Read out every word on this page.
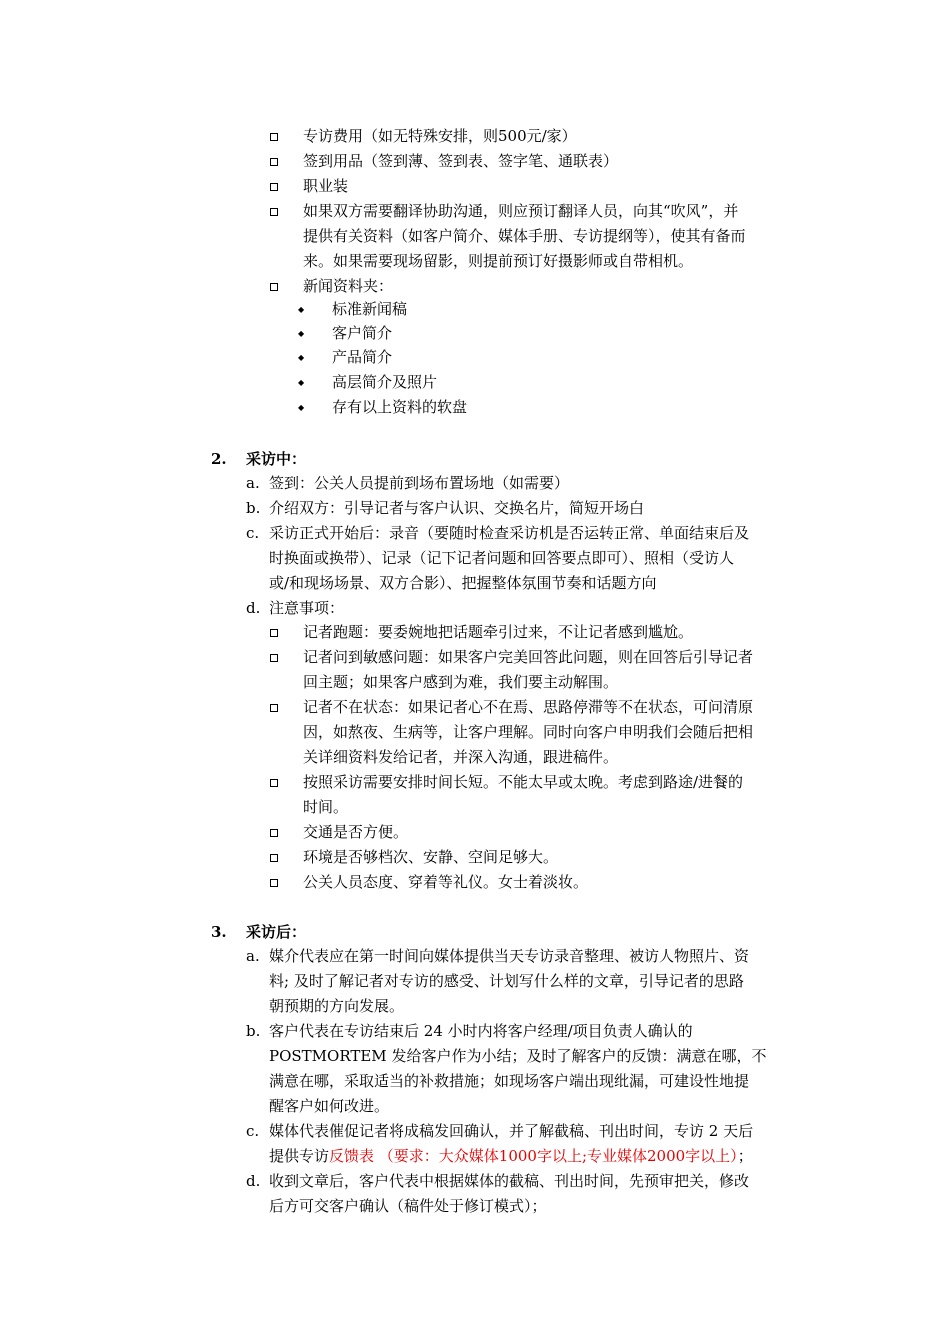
专访费用（如无特殊安排，则500元/家）
签到用品（签到薄、签到表、签字笔、通联表）
职业装
如果双方需要翻译协助沟通，则应预订翻译人员，向其“吹风”，并
提供有关资料（如客户简介、媒体手册、专访提纲等），使其有备而
来。如果需要现场留影，则提前预订好摄影师或自带相机。
新闻资料夹：
◆ 标准新闻稿
◆ 客户简介
◆ 产品简介
◆ 高层简介及照片
◆ 存有以上资料的软盘
2. 采访中：
a. 签到：公关人员提前到场布置场地（如需要）
b. 介绍双方：引导记者与客户认识、交换名片，简短开场白
c. 采访正式开始后：录音（要随时检查采访机是否运转正常、单面结束后及
时换面或换带）、记录（记下记者问题和回答要点即可）、照相（受访人
或/和现场场景、双方合影）、把握整体氛围节奏和话题方向
d. 注意事项：
记者跑题：要委婉地把话题牵引过来，不让记者感到尴尬。
记者问到敏感问题：如果客户完美回答此问题，则在回答后引导记者
回主题；如果客户感到为难，我们要主动解围。
记者不在状态：如果记者心不在焉、思路停滞等不在状态，可问清原
因，如熬夜、生病等，让客户理解。同时向客户申明我们会随后把相
关详细资料发给记者，并深入沟通，跟进稿件。
按照采访需要安排时间长短。不能太早或太晚。考虑到路途/进餐的
时间。
交通是否方便。
环境是否够档次、安静、空间足够大。
公关人员态度、穿着等礼仪。女士着淡妆。
3. 采访后：
a. 媒介代表应在第一时间向媒体提供当天专访录音整理、被访人物照片、资
料; 及时了解记者对专访的感受、计划写什么样的文章，引导记者的思路
朝预期的方向发展。
b. 客户代表在专访结束后 24 小时内将客户经理/项目负责人确认的
POSTMORTEM 发给客户作为小结；及时了解客户的反馈：满意在哪，不
满意在哪，采取适当的补救措施；如现场客户端出现纰漏，可建设性地提
醒客户如何改进。
c. 媒体代表催促记者将成稿发回确认，并了解截稿、刊出时间，专访 2 天后
提供专访反馈表 （要求：大众媒体1000字以上;专业媒体2000字以上）；
d. 收到文章后，客户代表中根据媒体的截稿、刊出时间，先预审把关，修改
后方可交客户确认（稿件处于修订模式）；
